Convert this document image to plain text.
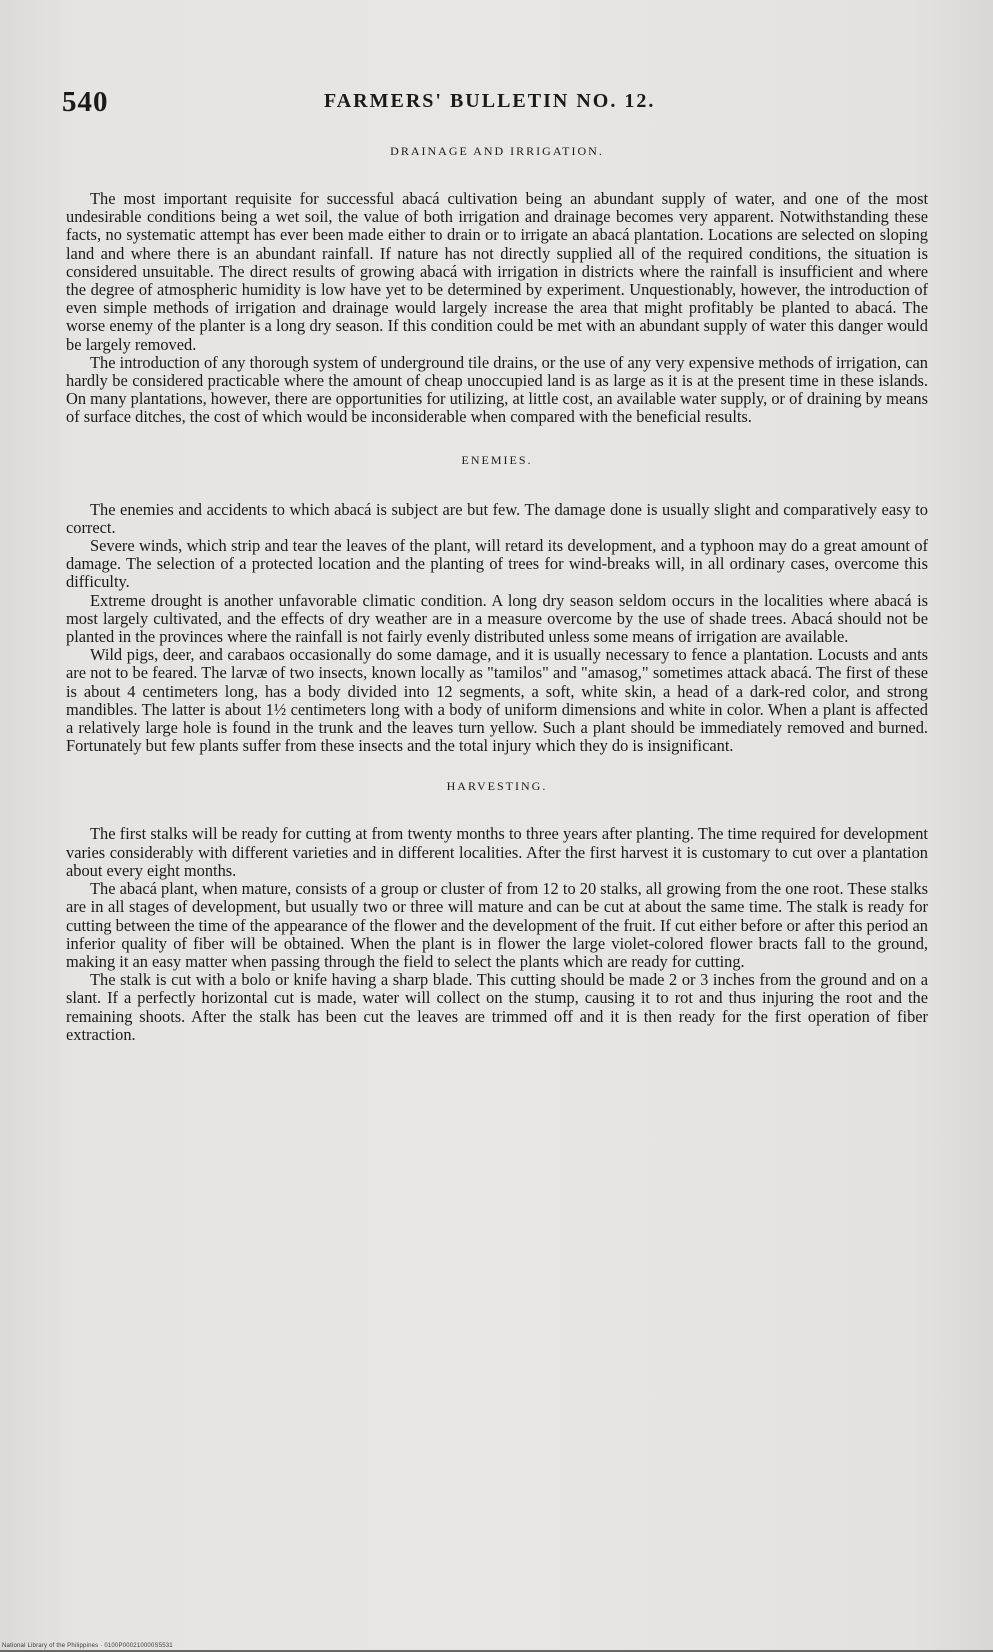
540	FARMERS' BULLETIN NO. 12.

DRAINAGE AND IRRIGATION.

The most important requisite for successful abacá cultivation being an abundant supply of water, and one of the most undesirable conditions being a wet soil, the value of both irrigation and drainage becomes very apparent. Notwithstanding these facts, no systematic attempt has ever been made either to drain or to irrigate an abacá plantation. Locations are selected on sloping land and where there is an abundant rainfall. If nature has not directly supplied all of the required conditions, the situation is considered unsuitable. The direct results of growing abacá with irrigation in districts where the rainfall is insufficient and where the degree of atmospheric humidity is low have yet to be determined by experiment. Unquestionably, however, the introduction of even simple methods of irrigation and drainage would largely increase the area that might profitably be planted to abacá. The worse enemy of the planter is a long dry season. If this condition could be met with an abundant supply of water this danger would be largely removed.

The introduction of any thorough system of underground tile drains, or the use of any very expensive methods of irrigation, can hardly be considered practicable where the amount of cheap unoccupied land is as large as it is at the present time in these islands. On many plantations, however, there are opportunities for utilizing, at little cost, an available water supply, or of draining by means of surface ditches, the cost of which would be inconsiderable when compared with the beneficial results.

ENEMIES.

The enemies and accidents to which abacá is subject are but few. The damage done is usually slight and comparatively easy to correct.

Severe winds, which strip and tear the leaves of the plant, will retard its development, and a typhoon may do a great amount of damage. The selection of a protected location and the planting of trees for wind-breaks will, in all ordinary cases, overcome this difficulty.

Extreme drought is another unfavorable climatic condition. A long dry season seldom occurs in the localities where abacá is most largely cultivated, and the effects of dry weather are in a measure overcome by the use of shade trees. Abacá should not be planted in the provinces where the rainfall is not fairly evenly distributed unless some means of irrigation are available.

Wild pigs, deer, and carabaos occasionally do some damage, and it is usually necessary to fence a plantation. Locusts and ants are not to be feared. The larvæ of two insects, known locally as "tamilos" and "amasog," sometimes attack abacá. The first of these is about 4 centimeters long, has a body divided into 12 segments, a soft, white skin, a head of a dark-red color, and strong mandibles. The latter is about 1½ centimeters long with a body of uniform dimensions and white in color. When a plant is affected a relatively large hole is found in the trunk and the leaves turn yellow. Such a plant should be immediately removed and burned. Fortunately but few plants suffer from these insects and the total injury which they do is insignificant.

HARVESTING.

The first stalks will be ready for cutting at from twenty months to three years after planting. The time required for development varies considerably with different varieties and in different localities. After the first harvest it is customary to cut over a plantation about every eight months.

The abacá plant, when mature, consists of a group or cluster of from 12 to 20 stalks, all growing from the one root. These stalks are in all stages of development, but usually two or three will mature and can be cut at about the same time. The stalk is ready for cutting between the time of the appearance of the flower and the development of the fruit. If cut either before or after this period an inferior quality of fiber will be obtained. When the plant is in flower the large violet-colored flower bracts fall to the ground, making it an easy matter when passing through the field to select the plants which are ready for cutting.

The stalk is cut with a bolo or knife having a sharp blade. This cutting should be made 2 or 3 inches from the ground and on a slant. If a perfectly horizontal cut is made, water will collect on the stump, causing it to rot and thus injuring the root and the remaining shoots. After the stalk has been cut the leaves are trimmed off and it is then ready for the first operation of fiber extraction.

National Library of the Philippines · 0100P000210000S5531
